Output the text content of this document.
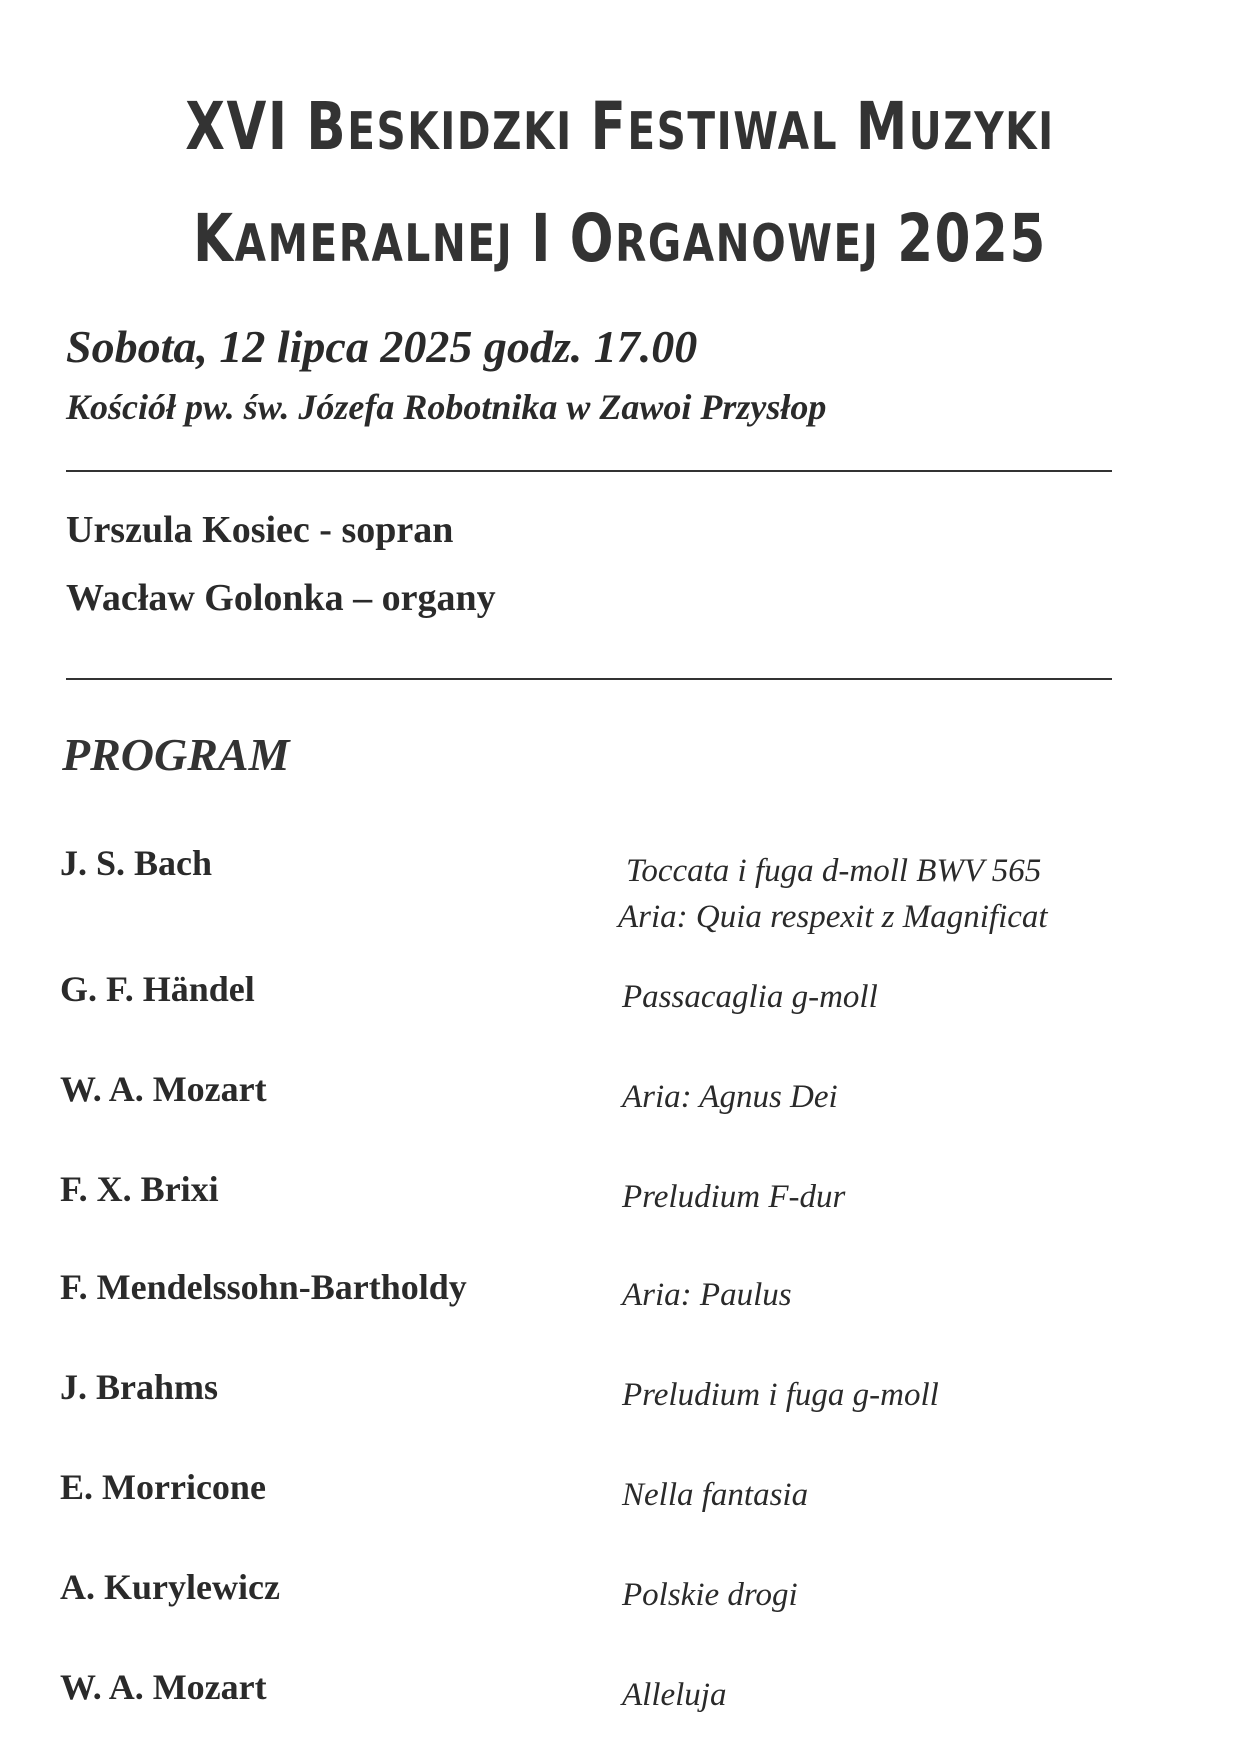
XVI BESKIDZKI FESTIWAL MUZYKI
KAMERALNEJ I ORGANOWEJ 2025
Sobota, 12 lipca 2025 godz. 17.00
Kościół pw. św. Józefa Robotnika w Zawoi Przysłop
Urszula Kosiec - sopran
Wacław Golonka – organy
PROGRAM
J. S. Bach	Toccata i fuga d-moll BWV 565
Aria: Quia respexit z Magnificat
G. F. Händel	Passacaglia g-moll
W. A. Mozart	Aria: Agnus Dei
F. X. Brixi	Preludium F-dur
F. Mendelssohn-Bartholdy	Aria: Paulus
J. Brahms	Preludium i fuga g-moll
E. Morricone	Nella fantasia
A. Kurylewicz	Polskie drogi
W. A. Mozart	Alleluja
